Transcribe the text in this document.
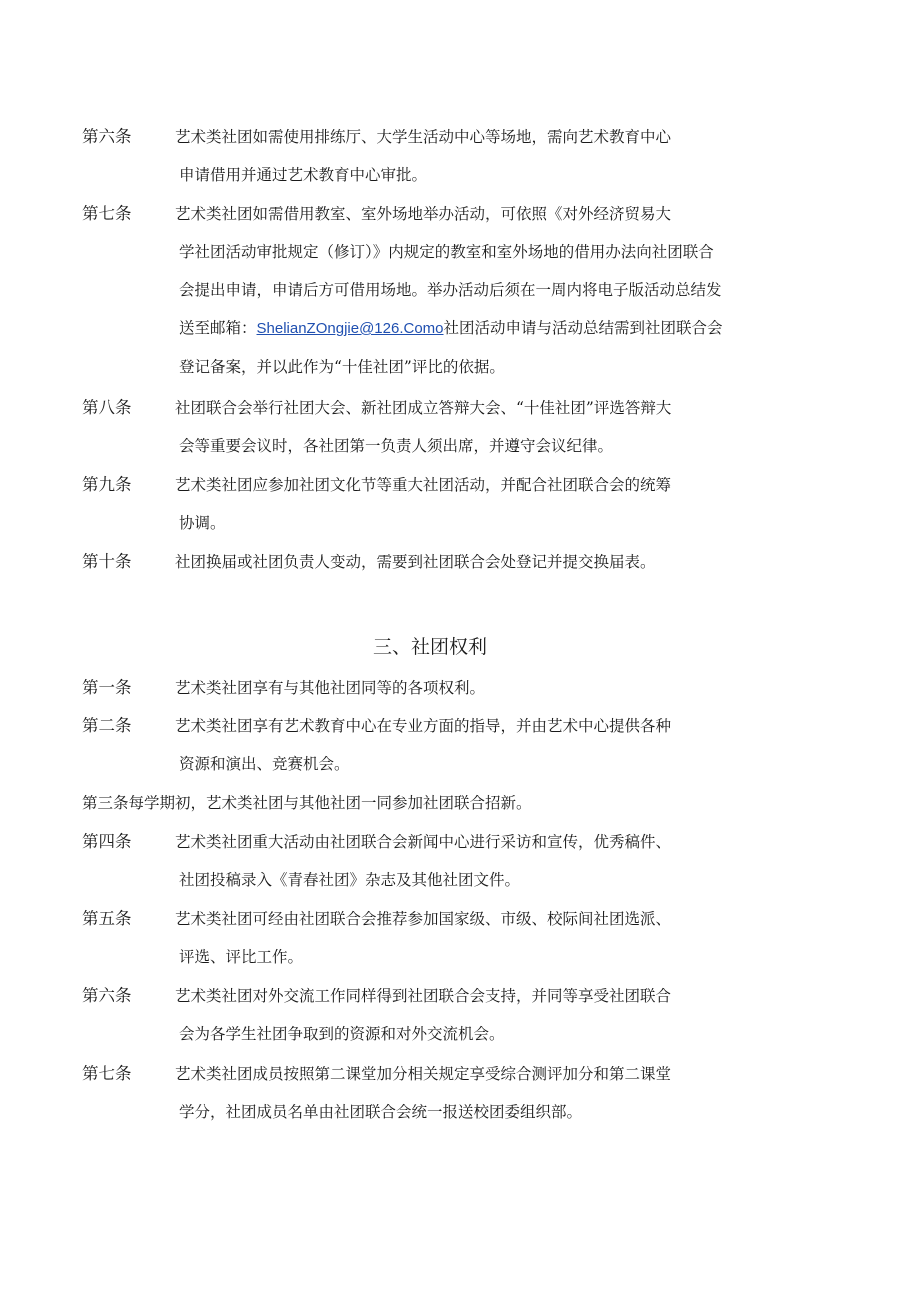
第六条	艺术类社团如需使用排练厅、大学生活动中心等场地，需向艺术教育中心
申请借用并通过艺术教育中心审批。
第七条	艺术类社团如需借用教室、室外场地举办活动，可依照《对外经济贸易大
学社团活动审批规定（修订）》内规定的教室和室外场地的借用办法向社团联合
会提出申请，申请后方可借用场地。举办活动后须在一周内将电子版活动总结发
送至邮箱：ShelianZOngjie@126.Como社团活动申请与活动总结需到社团联合会
登记备案，并以此作为“十佳社团”评比的依据。
第八条	社团联合会举行社团大会、新社团成立答辩大会、“十佳社团”评选答辩大
会等重要会议时，各社团第一负责人须出席，并遵守会议纪律。
第九条	艺术类社团应参加社团文化节等重大社团活动，并配合社团联合会的统筹
协调。
第十条	社团换届或社团负责人变动，需要到社团联合会处登记并提交换届表。
三、社团权利
第一条	艺术类社团享有与其他社团同等的各项权利。
第二条	艺术类社团享有艺术教育中心在专业方面的指导，并由艺术中心提供各种
资源和演出、竞赛机会。
第三条每学期初，艺术类社团与其他社团一同参加社团联合招新。
第四条	艺术类社团重大活动由社团联合会新闻中心进行采访和宣传，优秀稿件、
社团投稿录入《青春社团》杂志及其他社团文件。
第五条	艺术类社团可经由社团联合会推荐参加国家级、市级、校际间社团选派、
评选、评比工作。
第六条	艺术类社团对外交流工作同样得到社团联合会支持，并同等享受社团联合
会为各学生社团争取到的资源和对外交流机会。
第七条	艺术类社团成员按照第二课堂加分相关规定享受综合测评加分和第二课堂
学分，社团成员名单由社团联合会统一报送校团委组织部。
